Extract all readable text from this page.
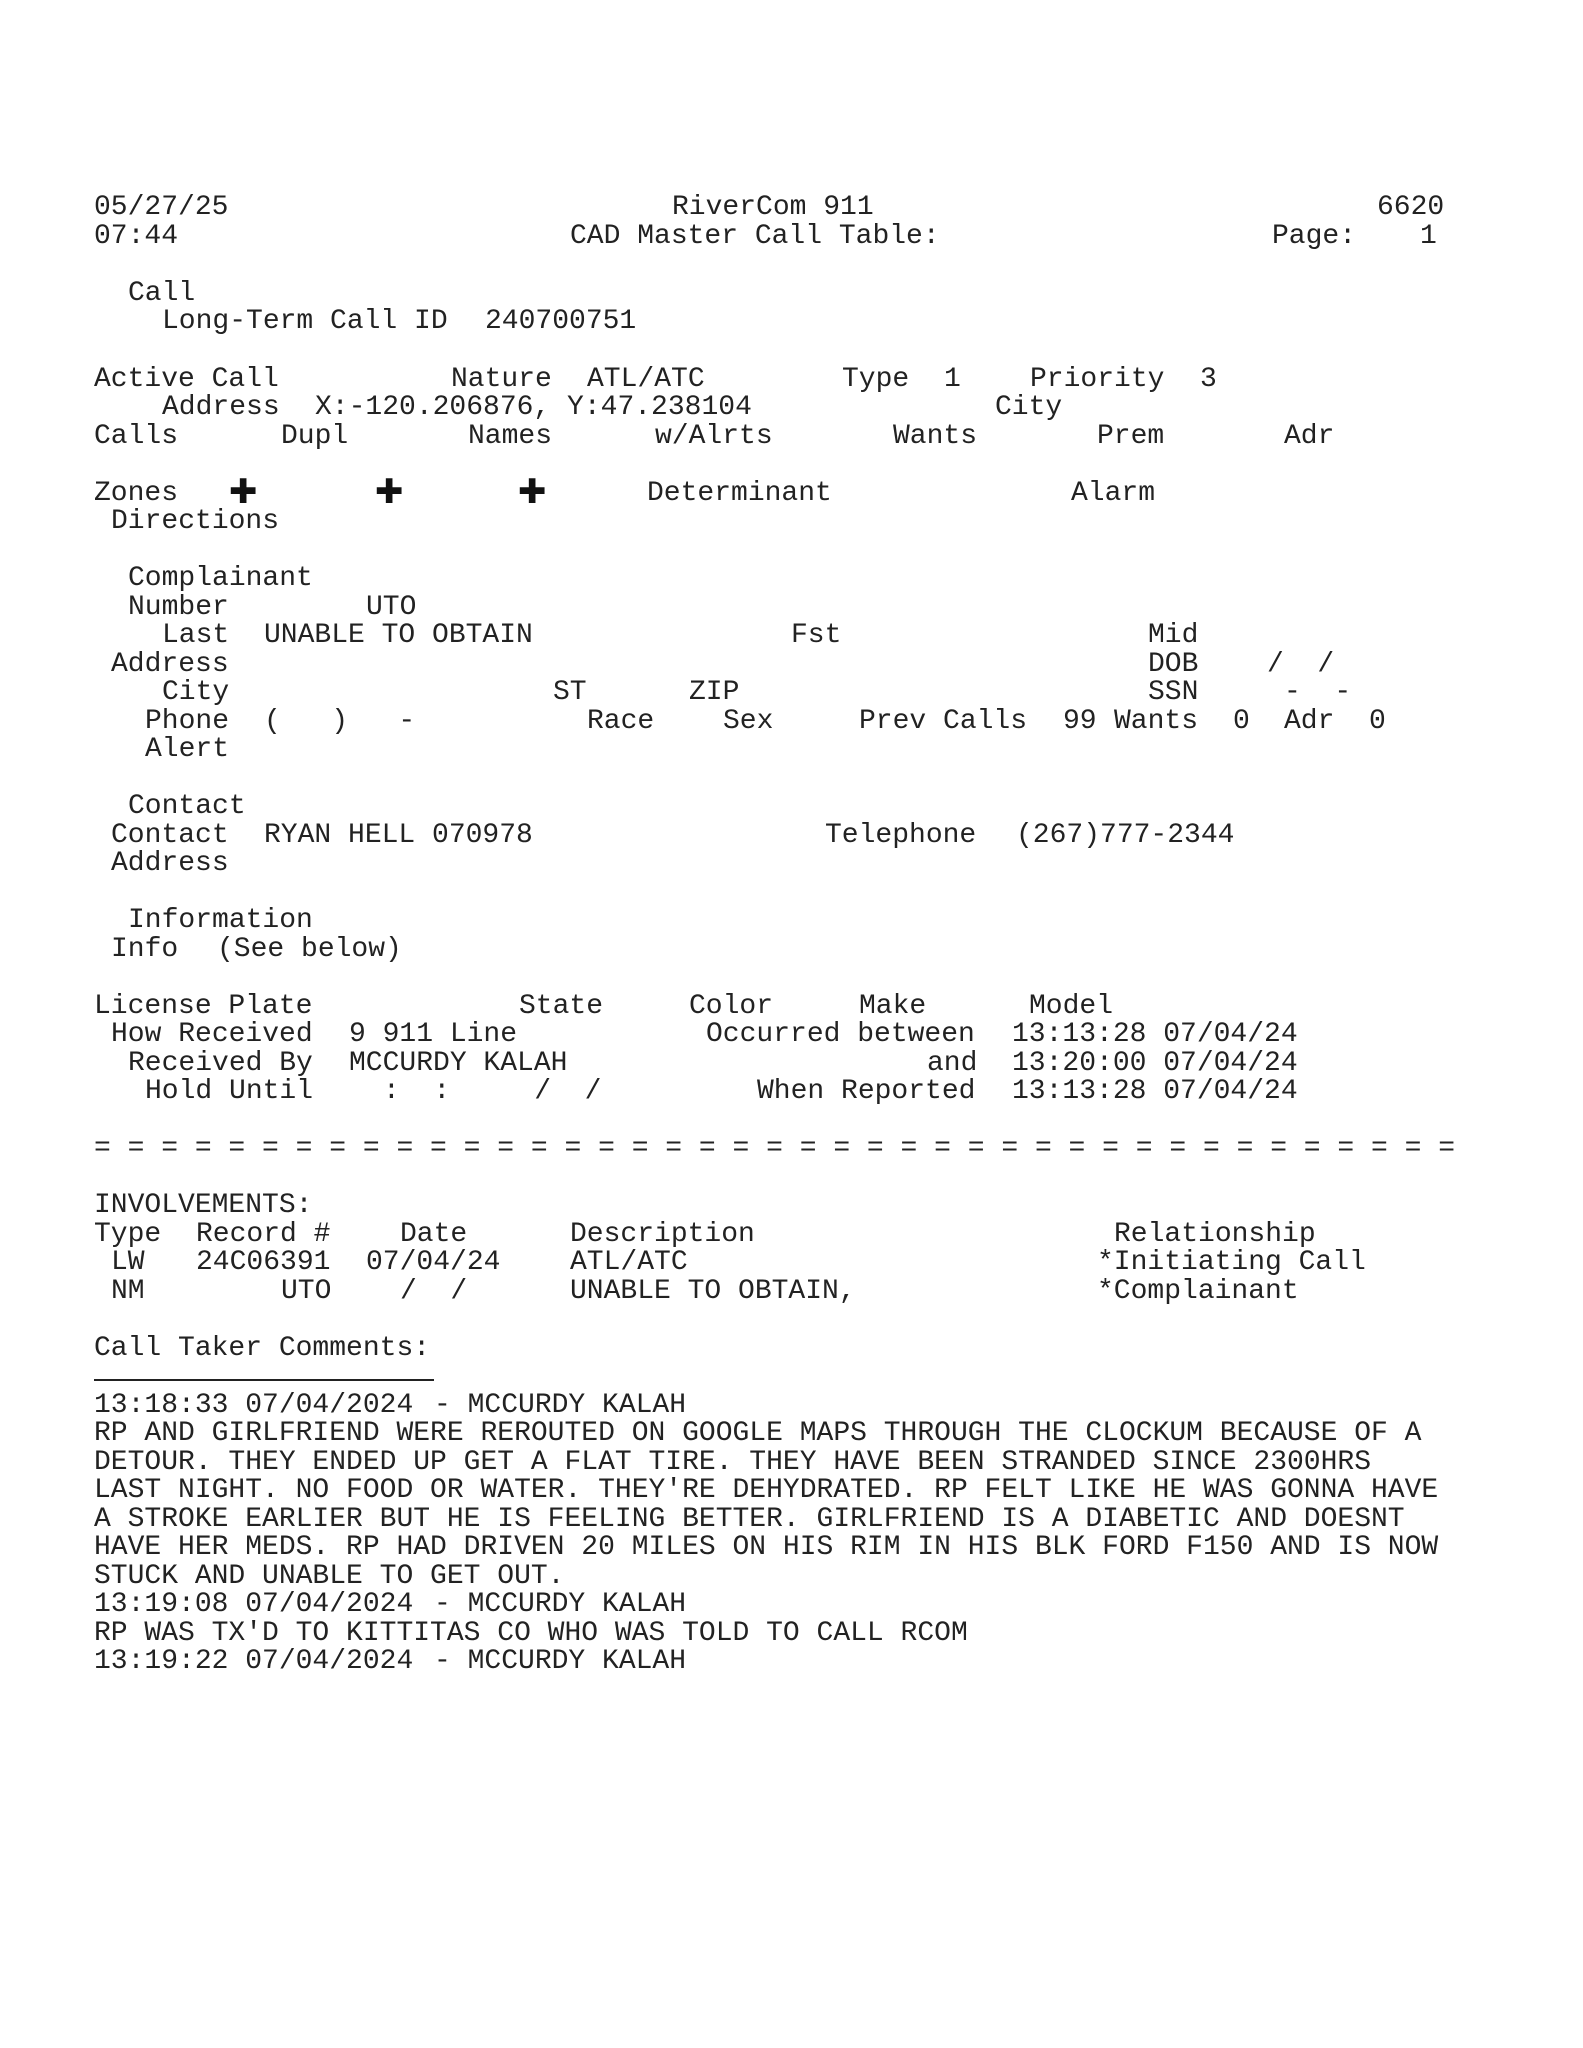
05/27/25	RiverCom 911	6620
07:44	CAD Master Call Table:	Page: 1
Call
Long-Term Call ID 240700751
Active Call	Nature ATL/ATC	Type 1 Priority 3
Address X:-120.206876, Y:47.238104	City
Calls	Dupl	Names	w/Alrts	Wants	Prem	Adr
Zones ✚	✚	✚	Determinant	Alarm
Directions
Complainant
Number	UTO
Last UNABLE TO OBTAIN	Fst	Mid
Address	DOB /  /
City	ST	ZIP	SSN	-  -
Phone (   )   -	Race Sex	Prev Calls 99 Wants 0 Adr 0
Alert
Contact
Contact RYAN HELL 070978	Telephone (267)777-2344
Address
Information
Info (See below)
License Plate	State	Color	Make	Model
How Received 9 911 Line	Occurred between 13:13:28 07/04/24
Received By MCCURDY KALAH	and 13:20:00 07/04/24
Hold Until :  :     /  /	When Reported 13:13:28 07/04/24
= = = = = = = = = = = = = = = = = = = = = = = = = = = = = = = = = = = = = = = = =
INVOLVEMENTS:
Type Record # Date	Description	Relationship
LW 24C06391 07/04/24 ATL/ATC	*Initiating Call
NM	UTO /  /	UNABLE TO OBTAIN,	*Complainant
Call Taker Comments:
13:18:33 07/04/2024 - MCCURDY KALAH
RP AND GIRLFRIEND WERE REROUTED ON GOOGLE MAPS THROUGH THE CLOCKUM BECAUSE OF A
DETOUR. THEY ENDED UP GET A FLAT TIRE. THEY HAVE BEEN STRANDED SINCE 2300HRS
LAST NIGHT. NO FOOD OR WATER. THEY'RE DEHYDRATED. RP FELT LIKE HE WAS GONNA HAVE
A STROKE EARLIER BUT HE IS FEELING BETTER. GIRLFRIEND IS A DIABETIC AND DOESNT
HAVE HER MEDS. RP HAD DRIVEN 20 MILES ON HIS RIM IN HIS BLK FORD F150 AND IS NOW
STUCK AND UNABLE TO GET OUT.
13:19:08 07/04/2024 - MCCURDY KALAH
RP WAS TX'D TO KITTITAS CO WHO WAS TOLD TO CALL RCOM
13:19:22 07/04/2024 - MCCURDY KALAH
